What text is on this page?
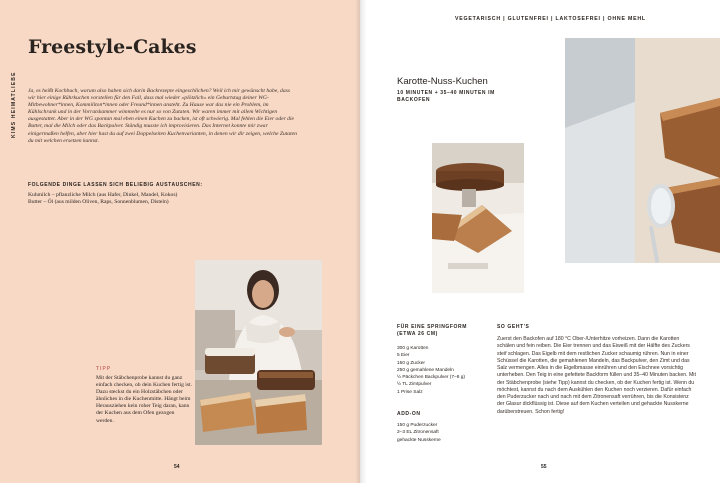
KIMS HEIMATLIEBE
Freestyle-Cakes

Ja, es heißt Kochbuch, warum also haben sich darin Backrezepte eingeschlichen? Weil ich mir gewünscht habe, dass wir hier einige Rührkuchen vorstellen für den Fall, dass mal wieder »plötzlich« ein Geburtstag deiner WG-Mitbewohner*innen, Kommiliton*innen oder Freund*innen ansteht. Zu Hause war das nie ein Problem, im Kühlschrank und in der Vorratskammer wimmelte es nur so von Zutaten. Wir waren immer mit allem Wichtigen ausgestattet. Aber in der WG spontan mal eben einen Kuchen zu backen, ist oft schwierig. Mal fehlen die Eier oder die Butter, mal die Milch oder das Backpulver. Ständig musste ich improvisieren. Das Internet konnte mir zwar einigermaßen helfen, aber hier hast du auf zwei Doppelseiten Kuchenvarianten, in denen wir dir zeigen, welche Zutaten du mit welchen ersetzen kannst.

FOLGENDE DINGE LASSEN SICH BELIEBIG AUSTAUSCHEN:
Kuhmilch – pflanzliche Milch (aus Hafer, Dinkel, Mandel, Kokos)
Butter – Öl (aus milden Oliven, Raps, Sonnenblumen, Disteln)
TIPP

Mit der Stäbchenprobe kannst du ganz einfach checken, ob dein Kuchen fertig ist. Dazu steckst du ein Holzstäbchen oder ähnliches in die Kuchenmitte. Hängt beim Herausziehen kein roher Teig daran, kann der Kuchen aus dem Ofen gezogen werden.

54
VEGETARISCH | GLUTENFREI | LAKTOSEFREI | OHNE MEHL
Karotte-Nuss-Kuchen
10 MINUTEN + 35–40 MINUTEN IM BACKOFEN
FÜR EINE SPRINGFORM (ETWA 26 CM)
300 g Karotten
5 Eier
150 g Zucker
250 g gemahlene Mandeln
½ Päckchen Backpulver (7–8 g)
½ TL Zimtpulver
1 Prise Salz
ADD-ON
150 g Puderzucker
2–3 EL Zitronensaft
gehackte Nusskerne
SO GEHT'S

Zuerst den Backofen auf 180 °C Ober-/Unterhitze vorheizen. Dann die Karotten schälen und fein reiben. Die Eier trennen und das Eiweiß mit der Hälfte des Zuckers steif schlagen. Das Eigelb mit dem restlichen Zucker schaumig rühren. Nun in einer Schüssel die Karotten, die gemahlenen Mandeln, das Backpulver, den Zimt und das Salz vermengen. Alles in die Eigelbmasse einrühren und den Eischnee vorsichtig unterheben. Den Teig in eine gefettete Backform füllen und 35–40 Minuten backen. Mit der Stäbchenprobe (siehe Tipp) kannst du checken, ob der Kuchen fertig ist. Wenn du möchtest, kannst du nach dem Auskühlen den Kuchen noch verzieren. Dafür einfach den Puderzucker nach und nach mit dem Zitronensaft verrühren, bis die Konsistenz der Glasur dickflüssig ist. Diese auf dem Kuchen verteilen und gehackte Nusskerne darüberstreuen. Schon fertig!

55
